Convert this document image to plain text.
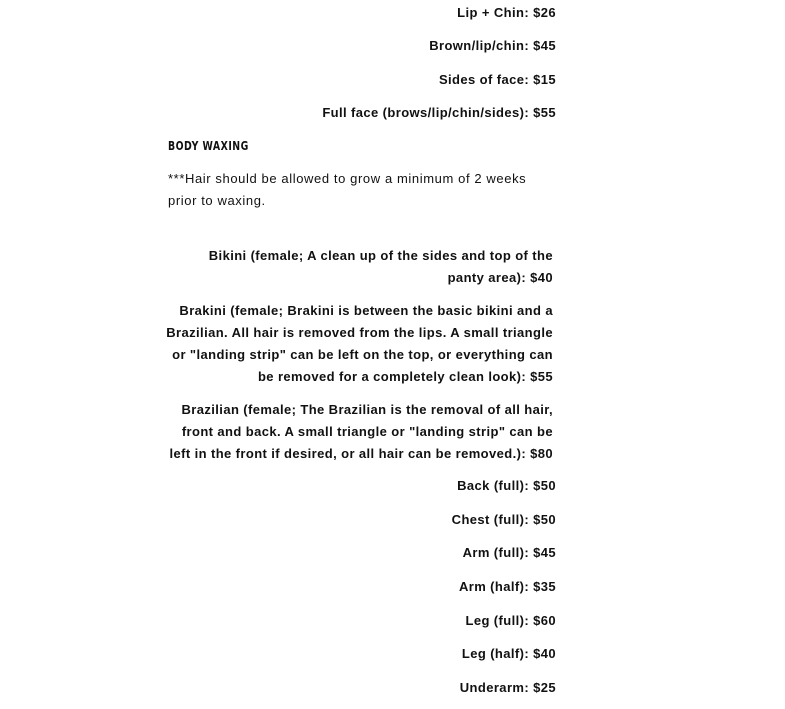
Lip + Chin: $26

Brown/lip/chin: $45

Sides of face: $15

Full face (brows/lip/chin/sides): $55

BODY WAXING

***Hair should be allowed to grow a minimum of 2 weeks prior to waxing.

Bikini (female; A clean up of the sides and top of the panty area): $40

Brakini (female; Brakini is between the basic bikini and a Brazilian. All hair is removed from the lips. A small triangle or "landing strip" can be left on the top, or everything can be removed for a completely clean look): $55

Brazilian (female; The Brazilian is the removal of all hair, front and back. A small triangle or "landing strip" can be left in the front if desired, or all hair can be removed.): $80

Back (full): $50

Chest (full): $50

Arm (full): $45

Arm (half): $35

Leg (full): $60

Leg (half): $40

Underarm: $25
